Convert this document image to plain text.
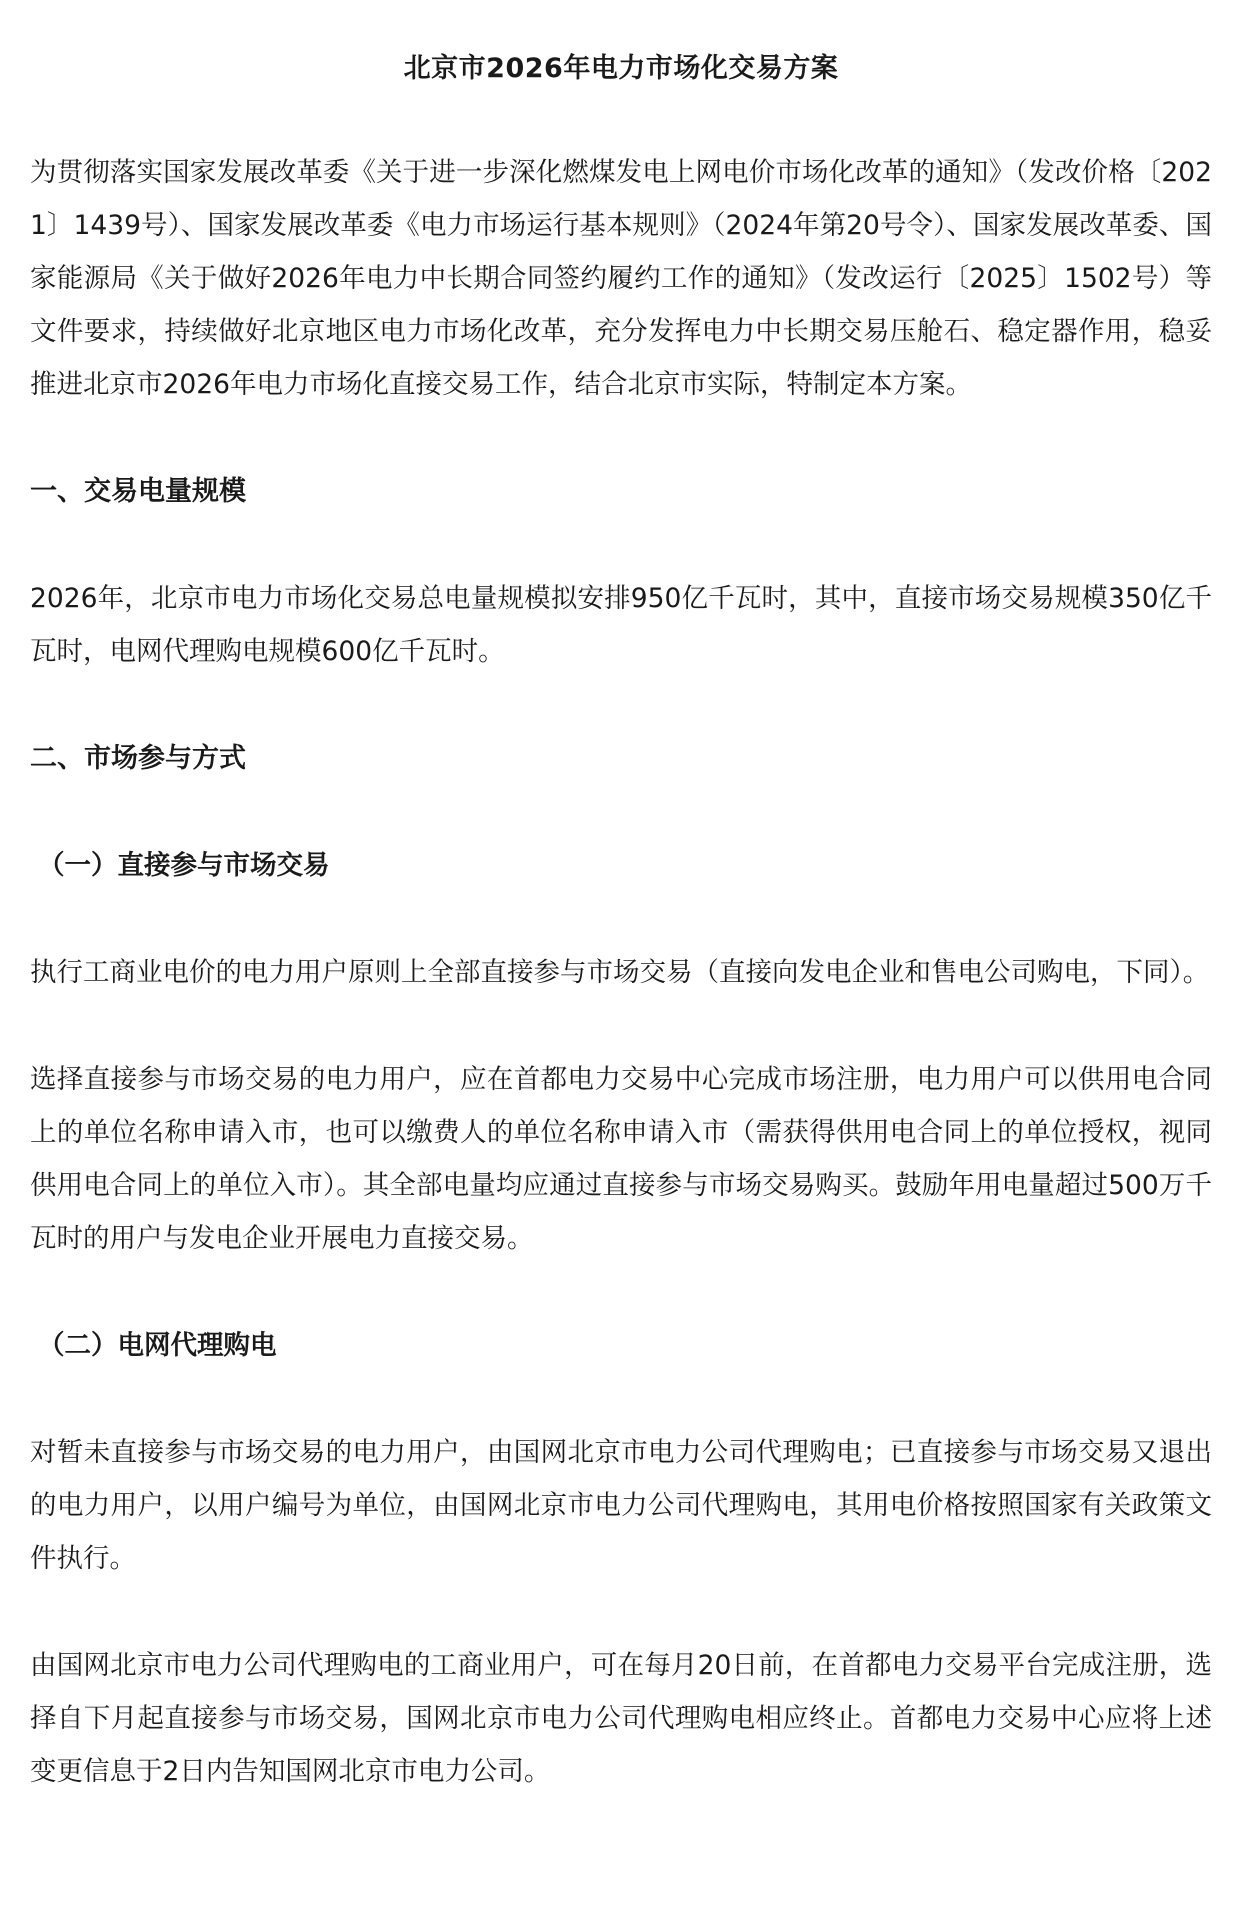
北京市2026年电力市场化交易方案

为贯彻落实国家发展改革委《关于进一步深化燃煤发电上网电价市场化改革的通知》（发改价格〔2021〕1439号）、国家发展改革委《电力市场运行基本规则》（2024年第20号令）、国家发展改革委、国家能源局《关于做好2026年电力中长期合同签约履约工作的通知》（发改运行〔2025〕1502号）等文件要求，持续做好北京地区电力市场化改革，充分发挥电力中长期交易压舱石、稳定器作用，稳妥推进北京市2026年电力市场化直接交易工作，结合北京市实际，特制定本方案。

一、交易电量规模

2026年，北京市电力市场化交易总电量规模拟安排950亿千瓦时，其中，直接市场交易规模350亿千瓦时，电网代理购电规模600亿千瓦时。

二、市场参与方式
（一）直接参与市场交易

执行工商业电价的电力用户原则上全部直接参与市场交易（直接向发电企业和售电公司购电，下同）。

选择直接参与市场交易的电力用户，应在首都电力交易中心完成市场注册，电力用户可以供用电合同上的单位名称申请入市，也可以缴费人的单位名称申请入市（需获得供用电合同上的单位授权，视同供用电合同上的单位入市）。其全部电量均应通过直接参与市场交易购买。鼓励年用电量超过500万千瓦时的用户与发电企业开展电力直接交易。

（二）电网代理购电

对暂未直接参与市场交易的电力用户，由国网北京市电力公司代理购电；已直接参与市场交易又退出的电力用户，以用户编号为单位，由国网北京市电力公司代理购电，其用电价格按照国家有关政策文件执行。

由国网北京市电力公司代理购电的工商业用户，可在每月20日前，在首都电力交易平台完成注册，选择自下月起直接参与市场交易，国网北京市电力公司代理购电相应终止。首都电力交易中心应将上述变更信息于2日内告知国网北京市电力公司。
